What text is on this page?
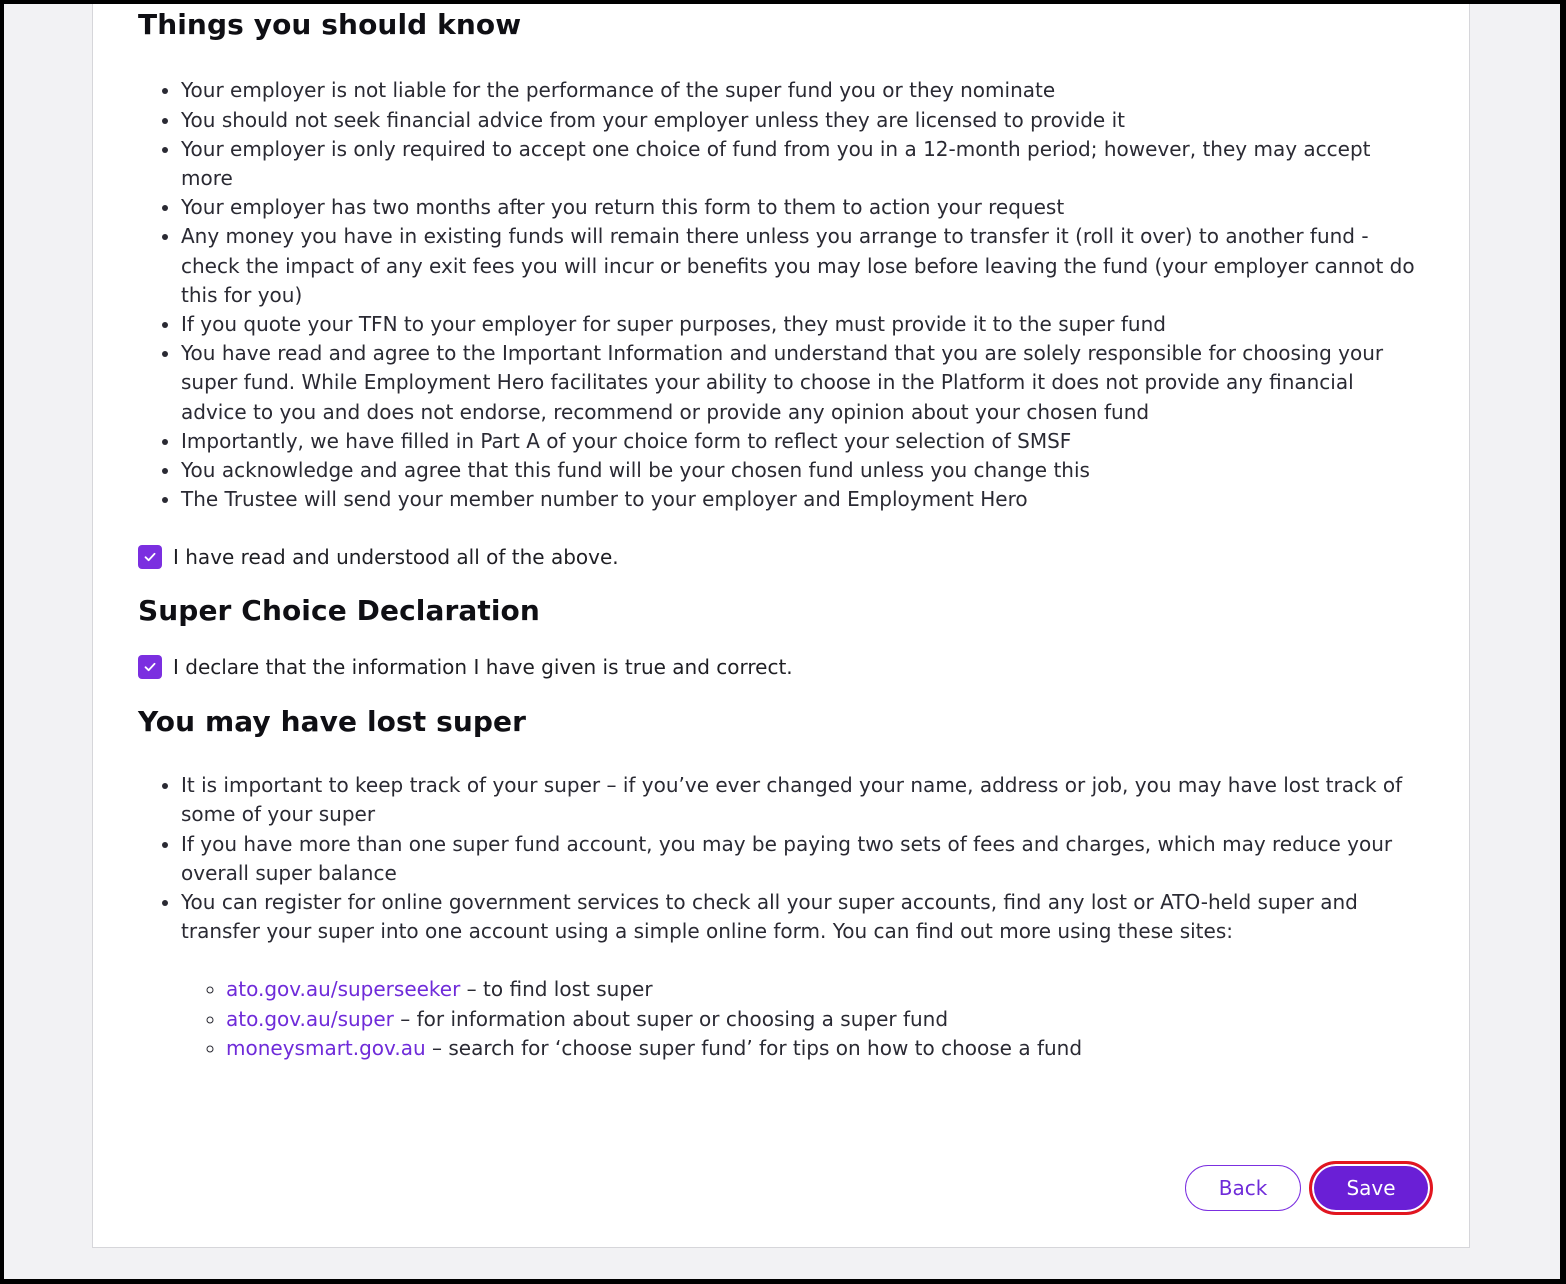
Things you should know
• Your employer is not liable for the performance of the super fund you or they nominate
• You should not seek financial advice from your employer unless they are licensed to provide it
• Your employer is only required to accept one choice of fund from you in a 12-month period; however, they may accept more
• Your employer has two months after you return this form to them to action your request
• Any money you have in existing funds will remain there unless you arrange to transfer it (roll it over) to another fund - check the impact of any exit fees you will incur or benefits you may lose before leaving the fund (your employer cannot do this for you)
• If you quote your TFN to your employer for super purposes, they must provide it to the super fund
• You have read and agree to the Important Information and understand that you are solely responsible for choosing your super fund. While Employment Hero facilitates your ability to choose in the Platform it does not provide any financial advice to you and does not endorse, recommend or provide any opinion about your chosen fund
• Importantly, we have filled in Part A of your choice form to reflect your selection of SMSF
• You acknowledge and agree that this fund will be your chosen fund unless you change this
• The Trustee will send your member number to your employer and Employment Hero
I have read and understood all of the above.
Super Choice Declaration
I declare that the information I have given is true and correct.
You may have lost super
• It is important to keep track of your super – if you’ve ever changed your name, address or job, you may have lost track of some of your super
• If you have more than one super fund account, you may be paying two sets of fees and charges, which may reduce your overall super balance
• You can register for online government services to check all your super accounts, find any lost or ATO-held super and transfer your super into one account using a simple online form. You can find out more using these sites:
◦ ato.gov.au/superseeker – to find lost super
◦ ato.gov.au/super – for information about super or choosing a super fund
◦ moneysmart.gov.au – search for ‘choose super fund’ for tips on how to choose a fund
Back	Save
